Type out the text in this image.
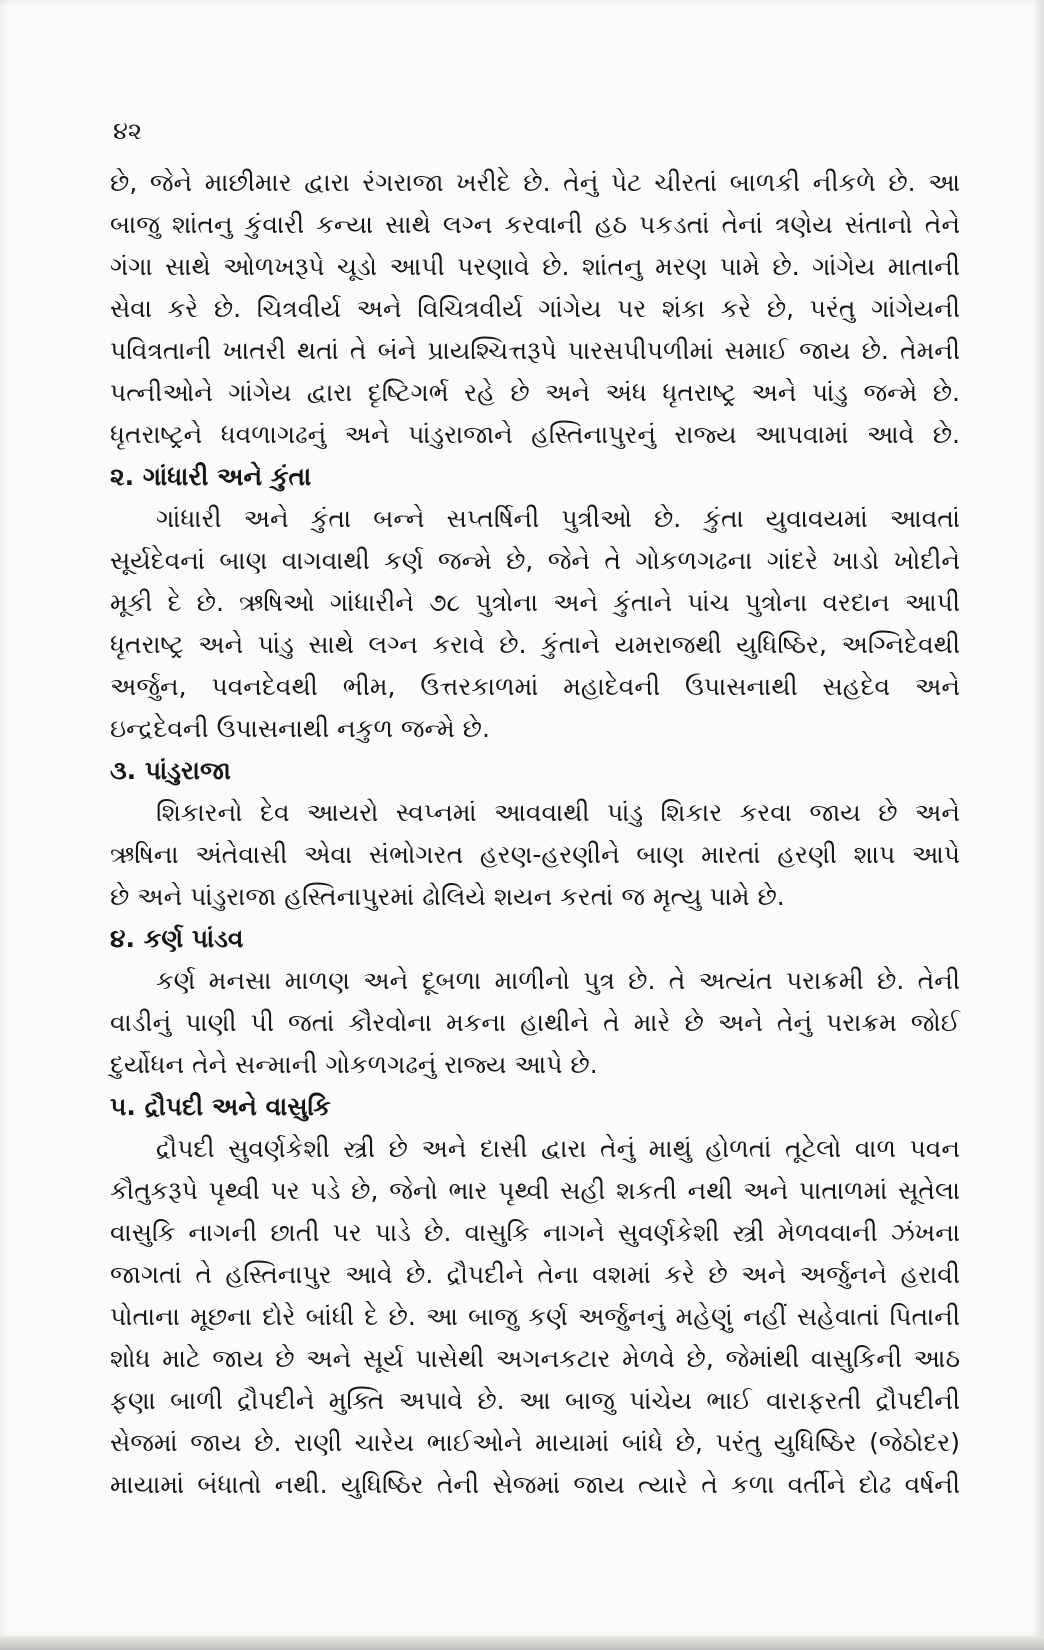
૪૨

છે, જેને માછીમાર દ્વારા રંગરાજા ખરીદે છે. તેનું પેટ ચીરતાં બાળકી નીકળે છે. આ

બાજુ શાંતનુ કુંવારી કન્યા સાથે લગ્ન કરવાની હઠ પકડતાં તેનાં ત્રણેય સંતાનો તેને

ગંગા સાથે ઓળખરૂપે ચૂડો આપી પરણાવે છે. શાંતનુ મરણ પામે છે. ગાંગેય માતાની

સેવા કરે છે. ચિત્રવીર્ય અને વિચિત્રવીર્ય ગાંગેય પર શંકા કરે છે, પરંતુ ગાંગેયની

પવિત્રતાની ખાતરી થતાં તે બંને પ્રાયશ્ચિત્તરૂપે પારસપીપળીમાં સમાઈ જાય છે. તેમની

પત્નીઓને ગાંગેય દ્વારા દૃષ્ટિગર્ભ રહે છે અને અંધ ધૃતરાષ્ટ્ર અને પાંડુ જન્મે છે.

ધૃતરાષ્ટ્રને ધવળાગઢનું અને પાંડુરાજાને હસ્તિનાપુરનું રાજ્ય આપવામાં આવે છે.

૨. ગાંધારી અને કુંતા

ગાંધારી અને કુંતા બન્ને સપ્તર્ષિની પુત્રીઓ છે. કુંતા યુવાવયમાં આવતાં

સૂર્યદેવનાં બાણ વાગવાથી કર્ણ જન્મે છે, જેને તે ગોકળગઢના ગાંદરે ખાડો ખોદીને

મૂકી દે છે. ઋષિઓ ગાંધારીને ૭૮ પુત્રોના અને કુંતાને પાંચ પુત્રોના વરદાન આપી

ધૃતરાષ્ટ્ર અને પાંડુ સાથે લગ્ન કરાવે છે. કુંતાને યમરાજથી યુધિષ્ઠિર, અગ્નિદેવથી

અર્જુન, પવનદેવથી ભીમ, ઉત્તરકાળમાં મહાદેવની ઉપાસનાથી સહદેવ અને

ઇન્દ્રદેવની ઉપાસનાથી નકુળ જન્મે છે.

૩. પાંડુરાજા

શિકારનો દેવ આયરો સ્વપ્નમાં આવવાથી પાંડુ શિકાર કરવા જાય છે અને

ઋષિના અંતેવાસી એવા સંભોગરત હરણ-હરણીને બાણ મારતાં હરણી શાપ આપે

છે અને પાંડુરાજા હસ્તિનાપુરમાં ઢોલિયે શયન કરતાં જ મૃત્યુ પામે છે.

૪. કર્ણ પાંડવ

કર્ણ મનસા માળણ અને દૂબળા માળીનો પુત્ર છે. તે અત્યંત પરાક્રમી છે. તેની

વાડીનું પાણી પી જતાં કૌરવોના મકના હાથીને તે મારે છે અને તેનું પરાક્રમ જોઈ

દુર્યોધન તેને સન્માની ગોકળગઢનું રાજ્ય આપે છે.

૫. દ્રૌપદી અને વાસુકિ

દ્રૌપદી સુવર્ણકેશી સ્ત્રી છે અને દાસી દ્વારા તેનું માથું હોળતાં તૂટેલો વાળ પવન

કૌતુકરૂપે પૃથ્વી પર પડે છે, જેનો ભાર પૃથ્વી સહી શકતી નથી અને પાતાળમાં સૂતેલા

વાસુકિ નાગની છાતી પર પાડે છે. વાસુકિ નાગને સુવર્ણકેશી સ્ત્રી મેળવવાની ઝંખના

જાગતાં તે હસ્તિનાપુર આવે છે. દ્રૌપદીને તેના વશમાં કરે છે અને અર્જુનને હરાવી

પોતાના મૂછના દોરે બાંધી દે છે. આ બાજુ કર્ણ અર્જુનનું મહેણું નહીં સહેવાતાં પિતાની

શોધ માટે જાય છે અને સૂર્ય પાસેથી અગનકટાર મેળવે છે, જેમાંથી વાસુકિની આઠ

ફણા બાળી દ્રૌપદીને મુક્તિ અપાવે છે. આ બાજુ પાંચેય ભાઈ વારાફરતી દ્રૌપદીની

સેજમાં જાય છે. રાણી ચારેય ભાઈઓને માયામાં બાંધે છે, પરંતુ યુધિષ્ઠિર (જેઠોદર)

માયામાં બંધાતો નથી. યુધિષ્ઠિર તેની સેજમાં જાય ત્યારે તે કળા વર્તીને દોઢ વર્ષની
